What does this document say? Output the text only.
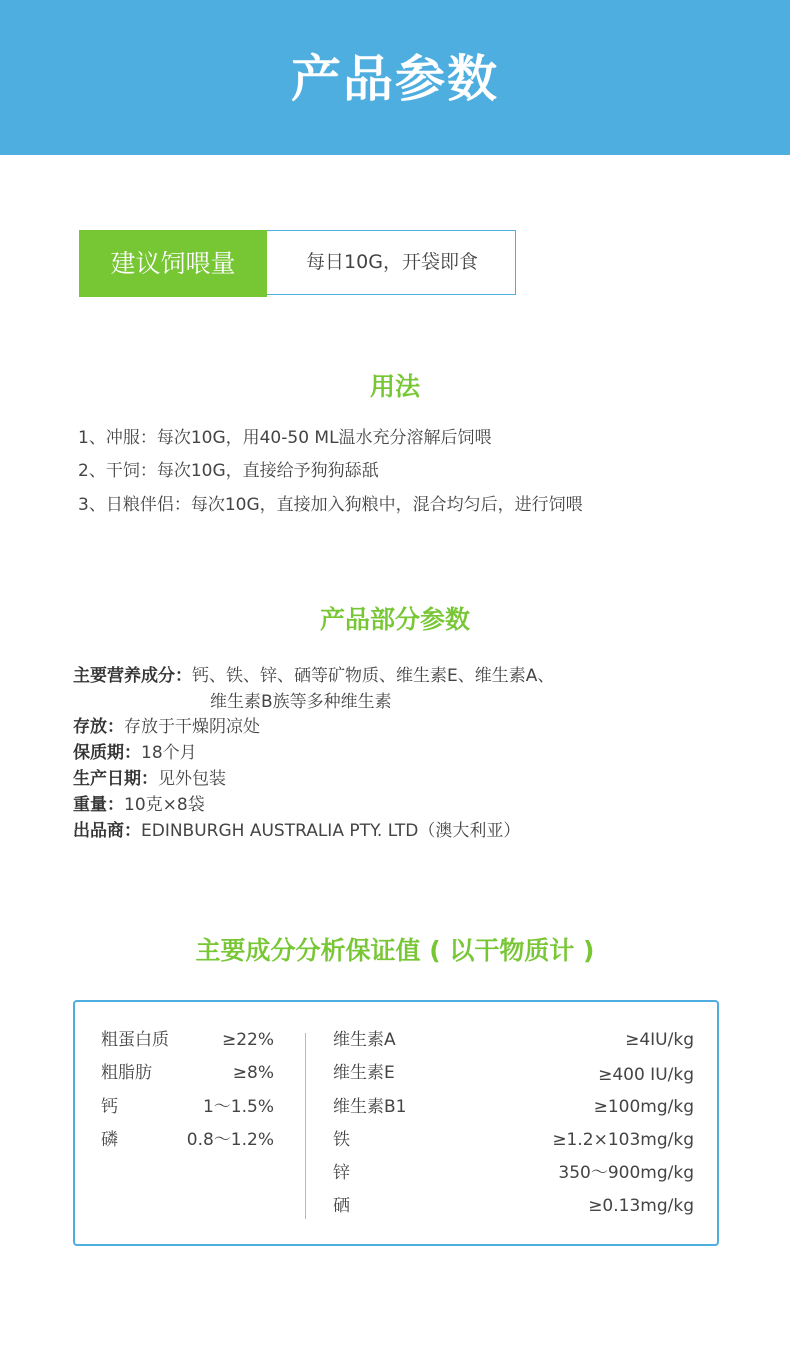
产品参数
建议饲喂量	每日10G，开袋即食
用法
1、冲服：每次10G，用40-50 ML温水充分溶解后饲喂
2、干饲：每次10G，直接给予狗狗舔舐
3、日粮伴侣：每次10G，直接加入狗粮中，混合均匀后，进行饲喂
产品部分参数
主要营养成分：钙、铁、锌、硒等矿物质、维生素E、维生素A、
维生素B族等多种维生素
存放：存放于干燥阴凉处
保质期：18个月
生产日期：见外包装
重量：10克×8袋
出品商：EDINBURGH AUSTRALIA PTY. LTD（澳大利亚）
主要成分分析保证值 ( 以干物质计 )
粗蛋白质	≥22%
粗脂肪	≥8%
钙	1～1.5%
磷	0.8～1.2%
维生素A	≥4IU/kg
维生素E	≥400 IU/kg
维生素B1	≥100mg/kg
铁	≥1.2×103mg/kg
锌	350～900mg/kg
硒	≥0.13mg/kg
